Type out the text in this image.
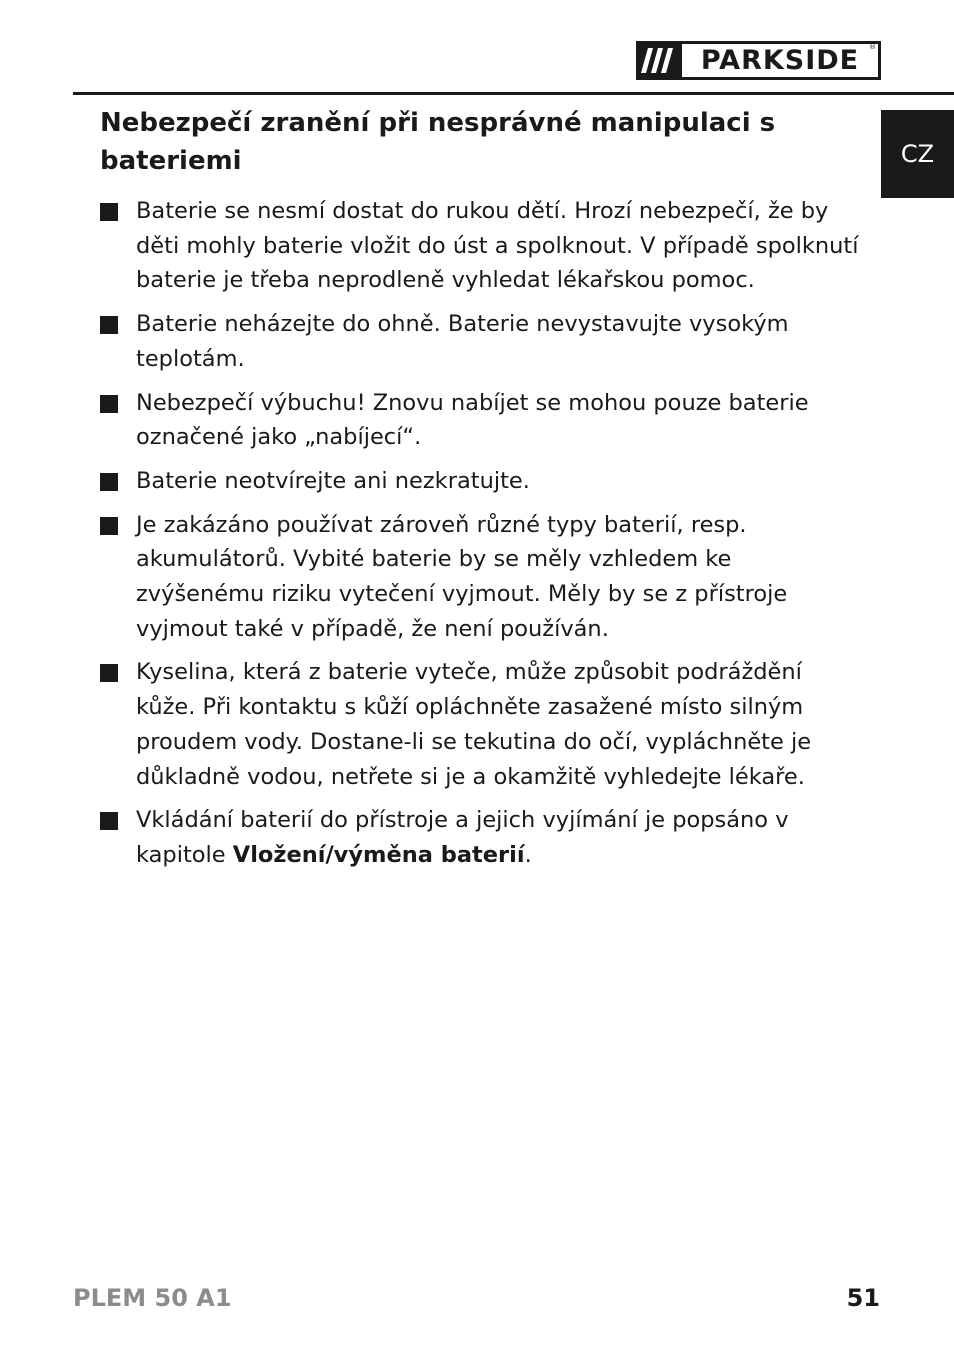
PARKSIDE	®
CZ
Nebezpečí zranění při nesprávné manipulaci s bateriemi
Baterie se nesmí dostat do rukou dětí. Hrozí nebezpečí, že by děti mohly baterie vložit do úst a spolknout. V případě spolknutí baterie je třeba neprodleně vyhledat lékařskou pomoc.
Baterie neházejte do ohně. Baterie nevystavujte vysokým teplotám.
Nebezpečí výbuchu! Znovu nabíjet se mohou pouze baterie označené jako „nabíjecí“.
Baterie neotvírejte ani nezkratujte.
Je zakázáno používat zároveň různé typy baterií, resp. akumulátorů. Vybité baterie by se měly vzhledem ke zvýšenému riziku vytečení vyjmout. Měly by se z přístroje vyjmout také v případě, že není používán.
Kyselina, která z baterie vyteče, může způsobit podráždění kůže. Při kontaktu s kůží opláchněte zasažené místo silným proudem vody. Dostane-li se tekutina do očí, vypláchněte je důkladně vodou, netřete si je a okamžitě vyhledejte lékaře.
Vkládání baterií do přístroje a jejich vyjímání je popsáno v kapitole Vložení/výměna baterií.
PLEM 50 A1	51
